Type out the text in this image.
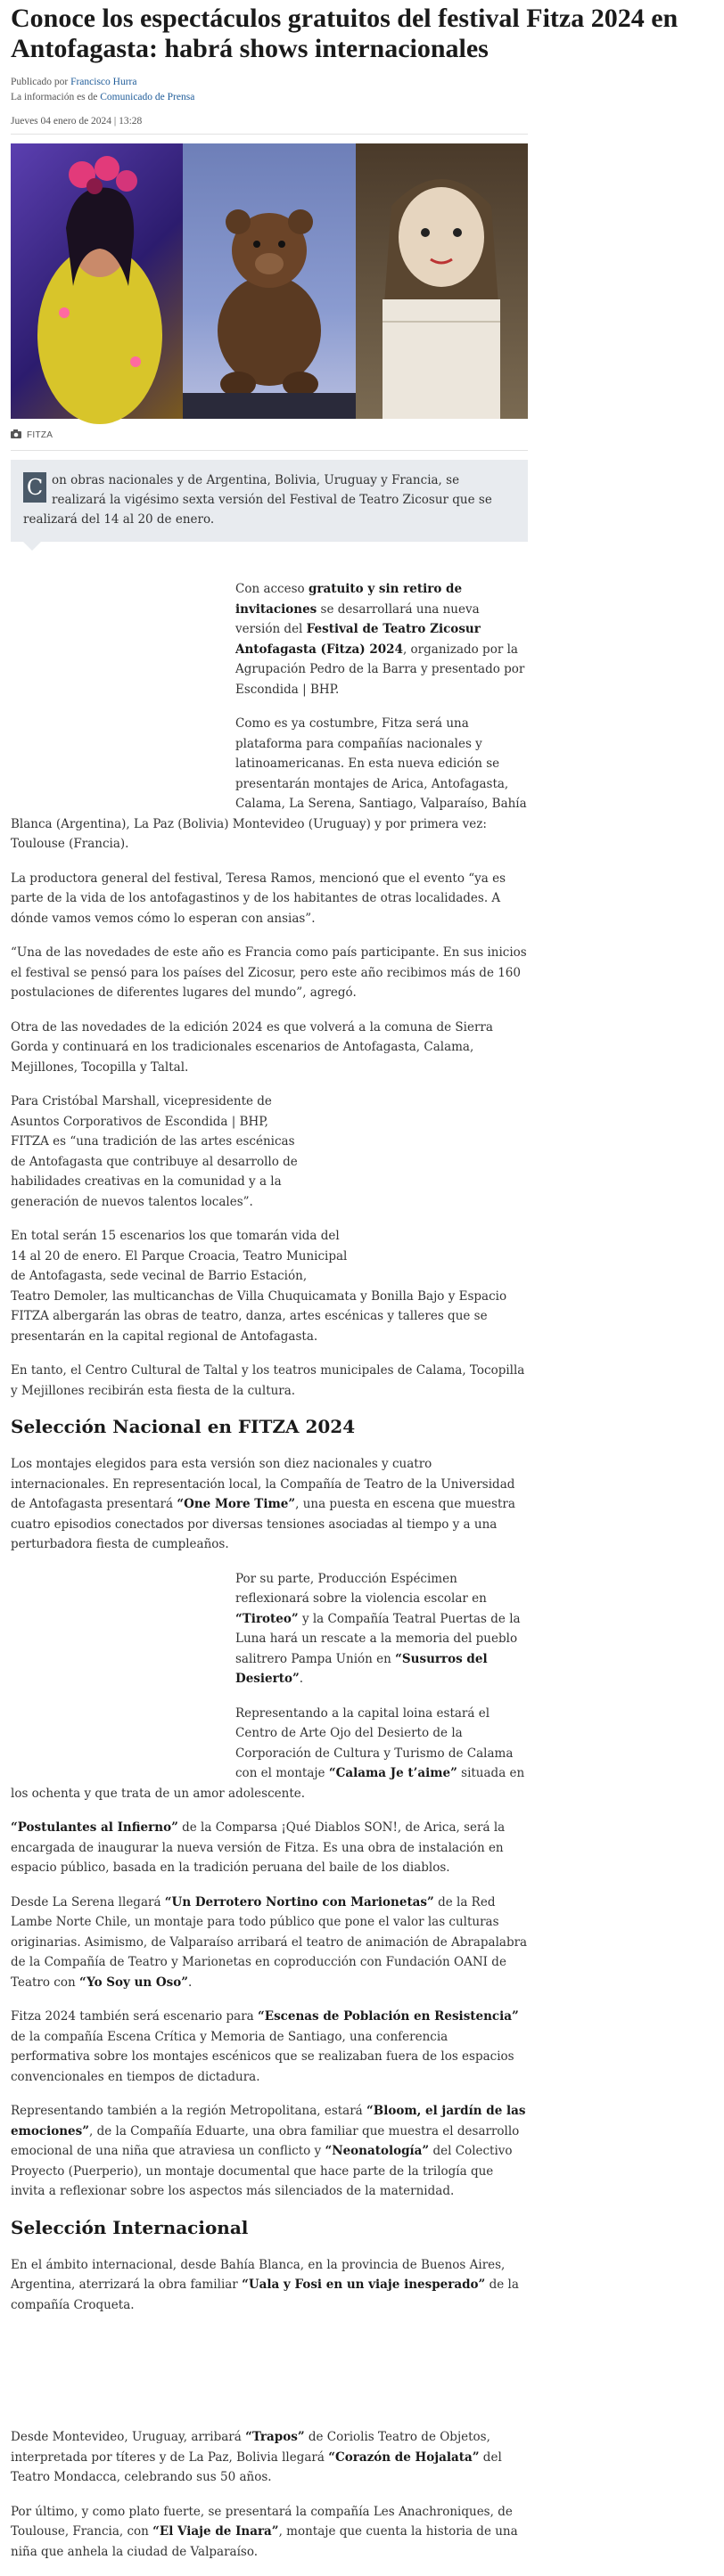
Conoce los espectáculos gratuitos del festival Fitza 2024 en Antofagasta: habrá shows internacionales
Publicado por Francisco Hurra
La información es de Comunicado de Prensa
Jueves 04 enero de 2024 | 13:28
FITZA
C on obras nacionales y de Argentina, Bolivia, Uruguay y Francia, se realizará la vigésimo sexta versión del Festival de Teatro Zicosur que se realizará del 14 al 20 de enero.

Con acceso gratuito y sin retiro de invitaciones se desarrollará una nueva versión del Festival de Teatro Zicosur Antofagasta (Fitza) 2024, organizado por la Agrupación Pedro de la Barra y presentado por Escondida | BHP.

Como es ya costumbre, Fitza será una plataforma para compañías nacionales y latinoamericanas. En esta nueva edición se presentarán montajes de Arica, Antofagasta, Calama, La Serena, Santiago, Valparaíso, Bahía Blanca (Argentina), La Paz (Bolivia) Montevideo (Uruguay) y por primera vez: Toulouse (Francia).

La productora general del festival, Teresa Ramos, mencionó que el evento “ya es parte de la vida de los antofagastinos y de los habitantes de otras localidades. A dónde vamos vemos cómo lo esperan con ansias”.

“Una de las novedades de este año es Francia como país participante. En sus inicios el festival se pensó para los países del Zicosur, pero este año recibimos más de 160 postulaciones de diferentes lugares del mundo”, agregó.

Otra de las novedades de la edición 2024 es que volverá a la comuna de Sierra Gorda y continuará en los tradicionales escenarios de Antofagasta, Calama, Mejillones, Tocopilla y Taltal.

Para Cristóbal Marshall, vicepresidente de Asuntos Corporativos de Escondida | BHP, FITZA es “una tradición de las artes escénicas de Antofagasta que contribuye al desarrollo de habilidades creativas en la comunidad y a la generación de nuevos talentos locales”.

En total serán 15 escenarios los que tomarán vida del 14 al 20 de enero. El Parque Croacia, Teatro Municipal de Antofagasta, sede vecinal de Barrio Estación, Teatro Demoler, las multicanchas de Villa Chuquicamata y Bonilla Bajo y Espacio FITZA albergarán las obras de teatro, danza, artes escénicas y talleres que se presentarán en la capital regional de Antofagasta.

En tanto, el Centro Cultural de Taltal y los teatros municipales de Calama, Tocopilla y Mejillones recibirán esta fiesta de la cultura.

Selección Nacional en FITZA 2024

Los montajes elegidos para esta versión son diez nacionales y cuatro internacionales. En representación local, la Compañía de Teatro de la Universidad de Antofagasta presentará “One More Time”, una puesta en escena que muestra cuatro episodios conectados por diversas tensiones asociadas al tiempo y a una perturbadora fiesta de cumpleaños.

Por su parte, Producción Espécimen reflexionará sobre la violencia escolar en “Tiroteo” y la Compañía Teatral Puertas de la Luna hará un rescate a la memoria del pueblo salitrero Pampa Unión en “Susurros del Desierto”.

Representando a la capital loina estará el Centro de Arte Ojo del Desierto de la Corporación de Cultura y Turismo de Calama con el montaje “Calama Je t’aime” situada en los ochenta y que trata de un amor adolescente.

“Postulantes al Infierno” de la Comparsa ¡Qué Diablos SON!, de Arica, será la encargada de inaugurar la nueva versión de Fitza. Es una obra de instalación en espacio público, basada en la tradición peruana del baile de los diablos.

Desde La Serena llegará “Un Derrotero Nortino con Marionetas” de la Red Lambe Norte Chile, un montaje para todo público que pone el valor las culturas originarias. Asimismo, de Valparaíso arribará el teatro de animación de Abrapalabra de la Compañía de Teatro y Marionetas en coproducción con Fundación OANI de Teatro con “Yo Soy un Oso”.

Fitza 2024 también será escenario para “Escenas de Población en Resistencia” de la compañía Escena Crítica y Memoria de Santiago, una conferencia performativa sobre los montajes escénicos que se realizaban fuera de los espacios convencionales en tiempos de dictadura.

Representando también a la región Metropolitana, estará “Bloom, el jardín de las emociones”, de la Compañía Eduarte, una obra familiar que muestra el desarrollo emocional de una niña que atraviesa un conflicto y “Neonatología” del Colectivo Proyecto (Puerperio), un montaje documental que hace parte de la trilogía que invita a reflexionar sobre los aspectos más silenciados de la maternidad.

Selección Internacional

En el ámbito internacional, desde Bahía Blanca, en la provincia de Buenos Aires, Argentina, aterrizará la obra familiar “Uala y Fosi en un viaje inesperado” de la compañía Croqueta.

Desde Montevideo, Uruguay, arribará “Trapos” de Coriolis Teatro de Objetos, interpretada por títeres y de La Paz, Bolivia llegará “Corazón de Hojalata” del Teatro Mondacca, celebrando sus 50 años.

Por último, y como plato fuerte, se presentará la compañía Les Anachroniques, de Toulouse, Francia, con “El Viaje de Inara”, montaje que cuenta la historia de una niña que anhela la ciudad de Valparaíso.
